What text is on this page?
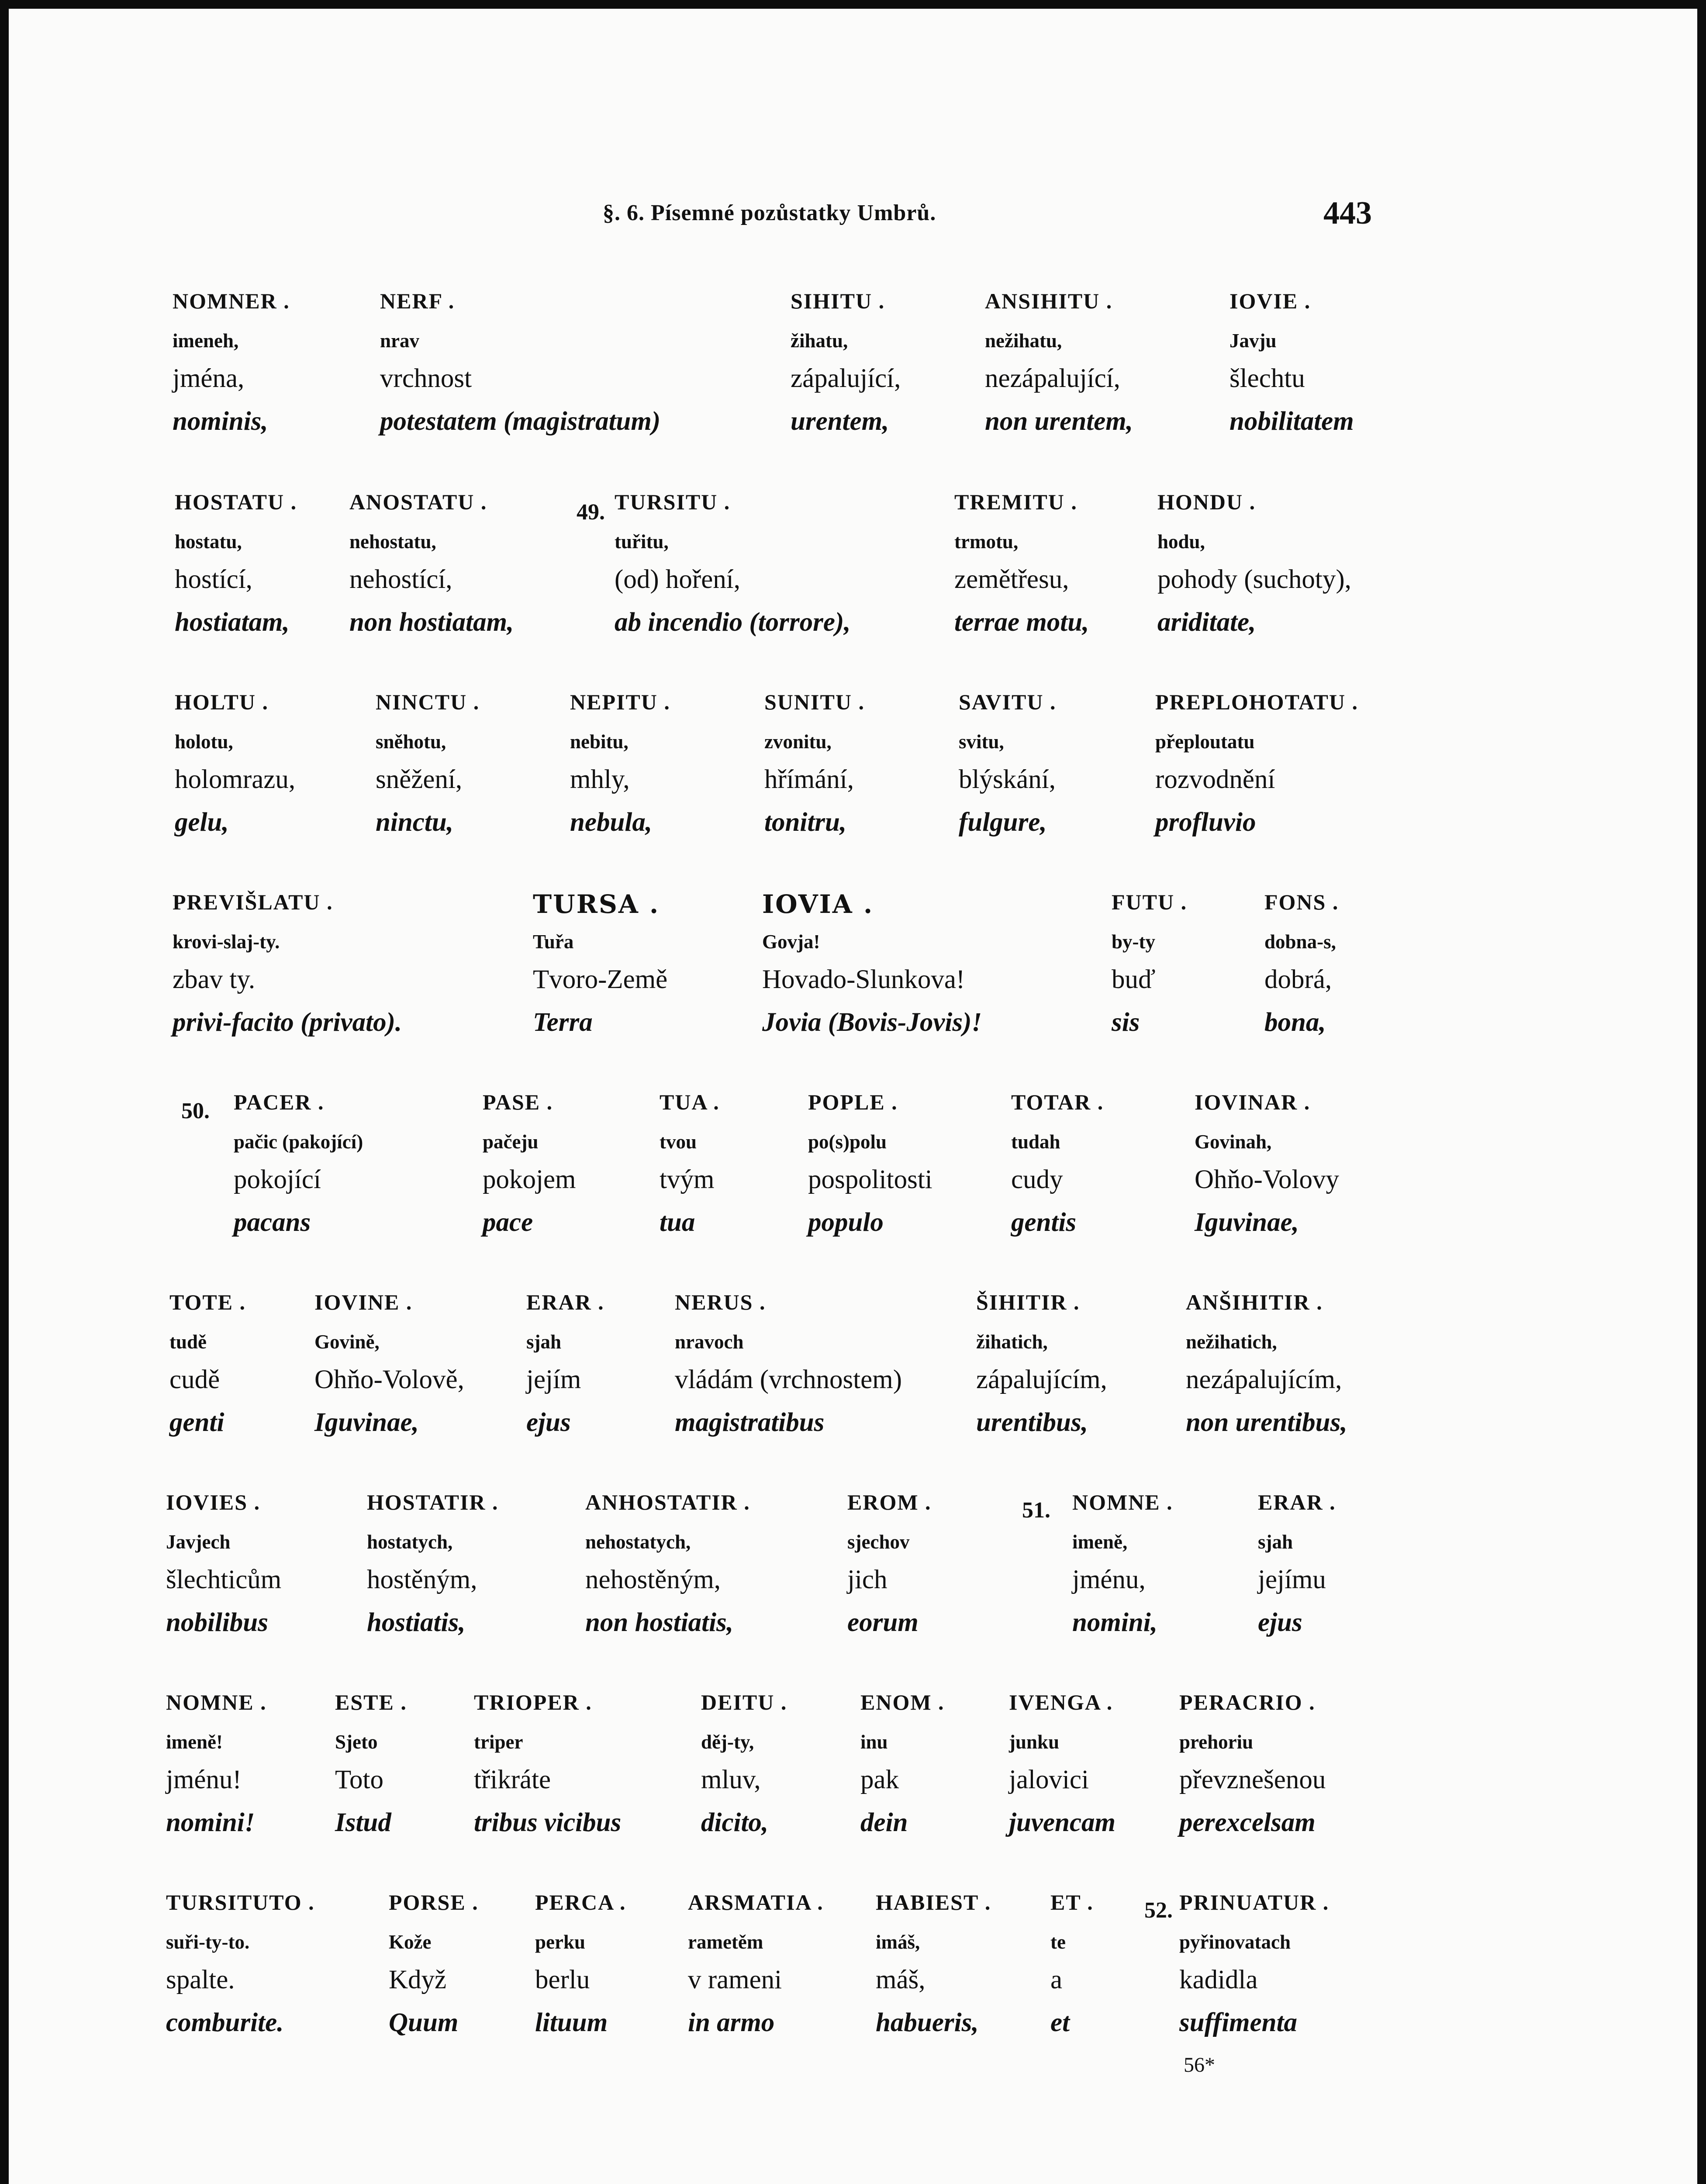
§. 6. Písemné pozůstatky Umbrů.	443
56*
49.
50.
51.
52.
NOMNER .
imeneh,
jména,
nominis,
NERF .
nrav
vrchnost
potestatem (magistratum)
SIHITU .
žihatu,
zápalující,
urentem,
ANSIHITU .
nežihatu,
nezápalující,
non urentem,
IOVIE .
Javju
šlechtu
nobilitatem
HOSTATU .
hostatu,
hostící,
hostiatam,
ANOSTATU .
nehostatu,
nehostící,
non hostiatam,
TURSITU .
tuřitu,
(od) hoření,
ab incendio (torrore),
TREMITU .
trmotu,
zemětřesu,
terrae motu,
HONDU .
hodu,
pohody (suchoty),
ariditate,
HOLTU .
holotu,
holomrazu,
gelu,
NINCTU .
sněhotu,
sněžení,
ninctu,
NEPITU .
nebitu,
mhly,
nebula,
SUNITU .
zvonitu,
hřímání,
tonitru,
SAVITU .
svitu,
blýskání,
fulgure,
PREPLOHOTATU .
přeploutatu
rozvodnění
profluvio
PREVIŠLATU .
krovi-slaj-ty.
zbav ty.
privi-facito (privato).
TURSA .
Tuřa
Tvoro-Země
Terra
IOVIA .
Govja!
Hovado-Slunkova!
Jovia (Bovis-Jovis)!
FUTU .
by-ty
buď
sis
FONS .
dobna-s,
dobrá,
bona,
PACER .
pačic (pakojící)
pokojící
pacans
PASE .
pačeju
pokojem
pace
TUA .
tvou
tvým
tua
POPLE .
po(s)polu
pospolitosti
populo
TOTAR .
tudah
cudy
gentis
IOVINAR .
Govinah,
Ohňo-Volovy
Iguvinae,
TOTE .
tudě
cudě
genti
IOVINE .
Govině,
Ohňo-Volově,
Iguvinae,
ERAR .
sjah
jejím
ejus
NERUS .
nravoch
vládám (vrchnostem)
magistratibus
ŠIHITIR .
žihatich,
zápalujícím,
urentibus,
ANŠIHITIR .
nežihatich,
nezápalujícím,
non urentibus,
IOVIES .
Javjech
šlechticům
nobilibus
HOSTATIR .
hostatych,
hostěným,
hostiatis,
ANHOSTATIR .
nehostatych,
nehostěným,
non hostiatis,
EROM .
sjechov
jich
eorum
NOMNE .
imeně,
jménu,
nomini,
ERAR .
sjah
jejímu
ejus
NOMNE .
imeně!
jménu!
nomini!
ESTE .
Sjeto
Toto
Istud
TRIOPER .
triper
třikráte
tribus vicibus
DEITU .
děj-ty,
mluv,
dicito,
ENOM .
inu
pak
dein
IVENGA .
junku
jalovici
juvencam
PERACRIO .
prehoriu
převznešenou
perexcelsam
TURSITUTO .
suři-ty-to.
spalte.
comburite.
PORSE .
Kože
Když
Quum
PERCA .
perku
berlu
lituum
ARSMATIA .
rametěm
v rameni
in armo
HABIEST .
imáš,
máš,
habueris,
ET .
te
a
et
PRINUATUR .
pyřinovatach
kadidla
suffimenta
